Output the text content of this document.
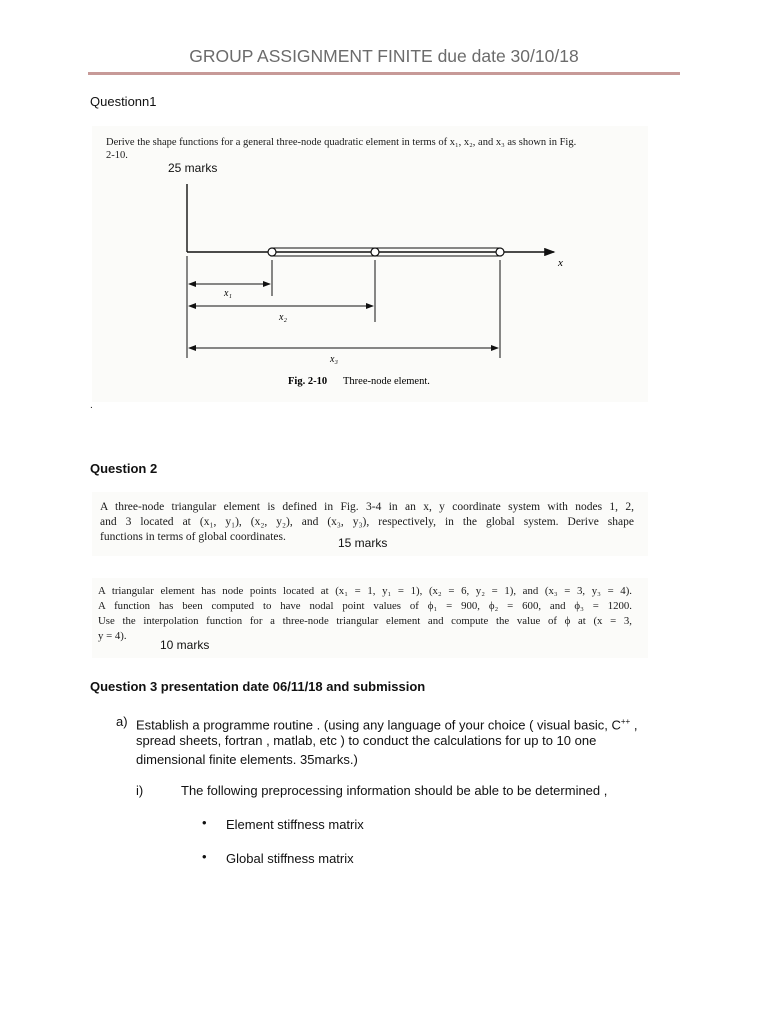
GROUP ASSIGNMENT FINITE due date 30/10/18
Questionn1
Derive the shape functions for a general three-node quadratic element in terms of x₁, x₂, and x₃ as shown in Fig.
2-10.
25 marks
x
x₁
x₂
x₃
Fig. 2-10 Three-node element.
.
Question 2
A three-node triangular element is defined in Fig. 3-4 in an x, y coordinate system with nodes 1, 2,
and 3 located at (x₁, y₁), (x₂, y₂), and (x₃, y₃), respectively, in the global system. Derive shape
functions in terms of global coordinates.	15 marks
A triangular element has node points located at (x₁ = 1, y₁ = 1), (x₂ = 6, y₂ = 1), and (x₃ = 3, y₃ = 4).
A function has been computed to have nodal point values of ϕ₁ = 900, ϕ₂ = 600, and ϕ₃ = 1200.
Use the interpolation function for a three-node triangular element and compute the value of ϕ at (x = 3,
y = 4).
10 marks
Question 3 presentation date 06/11/18 and submission
a) Establish a programme routine . (using any language of your choice ( visual basic, C++ ,
spread sheets, fortran , matlab, etc ) to conduct the calculations for up to 10 one
dimensional finite elements. 35marks.)
i)	The following preprocessing information should be able to be determined ,
• Element stiffness matrix
• Global stiffness matrix
